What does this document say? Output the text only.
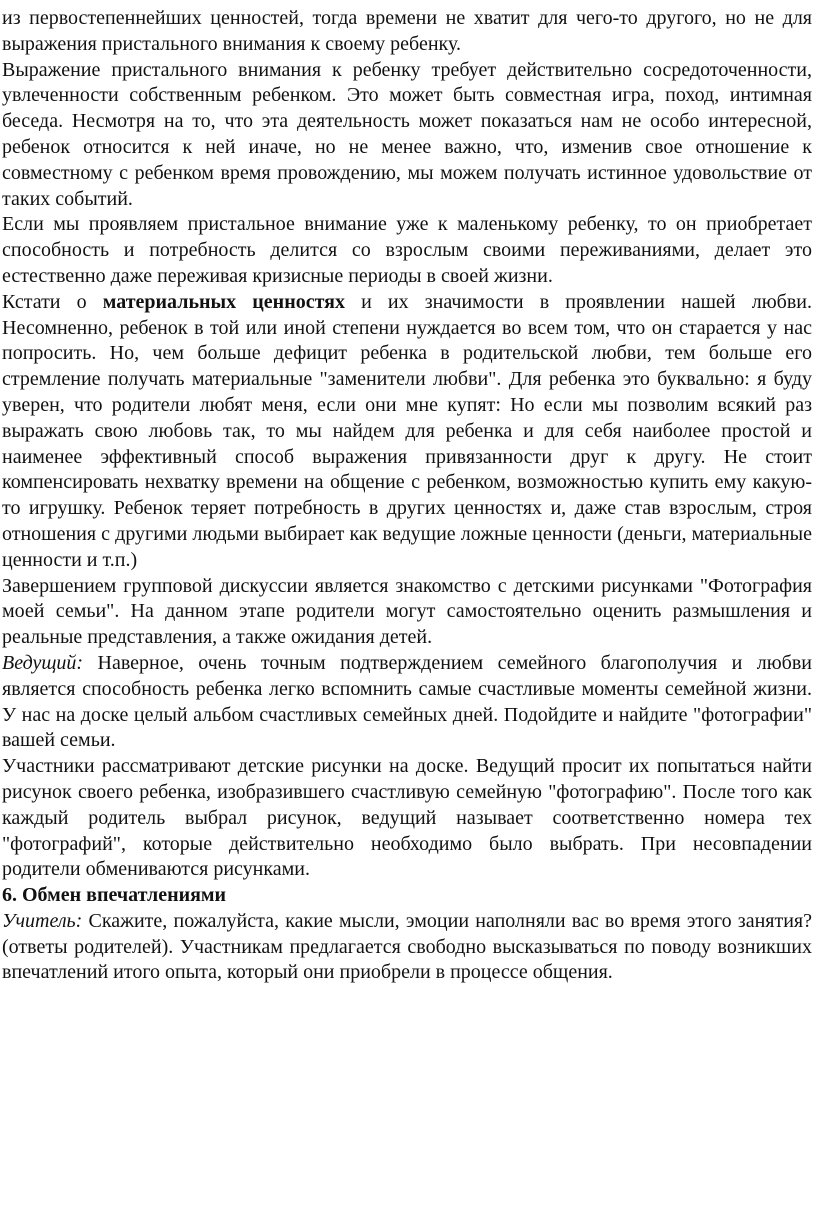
из первостепеннейших ценностей, тогда времени не хватит для чего-то другого, но не для выражения пристального внимания к своему ребенку.

Выражение пристального внимания к ребенку требует действительно сосредоточенности, увлеченности собственным ребенком. Это может быть совместная игра, поход, интимная беседа. Несмотря на то, что эта деятельность может показаться нам не особо интересной, ребенок относится к ней иначе, но не менее важно, что, изменив свое отношение к совместному с ребенком время провождению, мы можем получать истинное удовольствие от таких событий.

Если мы проявляем пристальное внимание уже к маленькому ребенку, то он приобретает способность и потребность делится со взрослым своими переживаниями, делает это естественно даже переживая кризисные периоды в своей жизни.

Кстати о материальных ценностях и их значимости в проявлении нашей любви. Несомненно, ребенок в той или иной степени нуждается во всем том, что он старается у нас попросить. Но, чем больше дефицит ребенка в родительской любви, тем больше его стремление получать материальные "заменители любви". Для ребенка это буквально: я буду уверен, что родители любят меня, если они мне купят: Но если мы позволим всякий раз выражать свою любовь так, то мы найдем для ребенка и для себя наиболее простой и наименее эффективный способ выражения привязанности друг к другу. Не стоит компенсировать нехватку времени на общение с ребенком, возможностью купить ему какую-то игрушку. Ребенок теряет потребность в других ценностях и, даже став взрослым, строя отношения с другими людьми выбирает как ведущие ложные ценности (деньги, материальные ценности и т.п.)

Завершением групповой дискуссии является знакомство с детскими рисунками "Фотография моей семьи". На данном этапе родители могут самостоятельно оценить размышления и реальные представления, а также ожидания детей.

Ведущий: Наверное, очень точным подтверждением семейного благополучия и любви является способность ребенка легко вспомнить самые счастливые моменты семейной жизни. У нас на доске целый альбом счастливых семейных дней. Подойдите и найдите "фотографии" вашей семьи.

Участники рассматривают детские рисунки на доске. Ведущий просит их попытаться найти рисунок своего ребенка, изобразившего счастливую семейную "фотографию". После того как каждый родитель выбрал рисунок, ведущий называет соответственно номера тех "фотографий", которые действительно необходимо было выбрать. При несовпадении родители обмениваются рисунками.

6. Обмен впечатлениями

Учитель: Скажите, пожалуйста, какие мысли, эмоции наполняли вас во время этого занятия? (ответы родителей). Участникам предлагается свободно высказываться по поводу возникших впечатлений итого опыта, который они приобрели в процессе общения.
